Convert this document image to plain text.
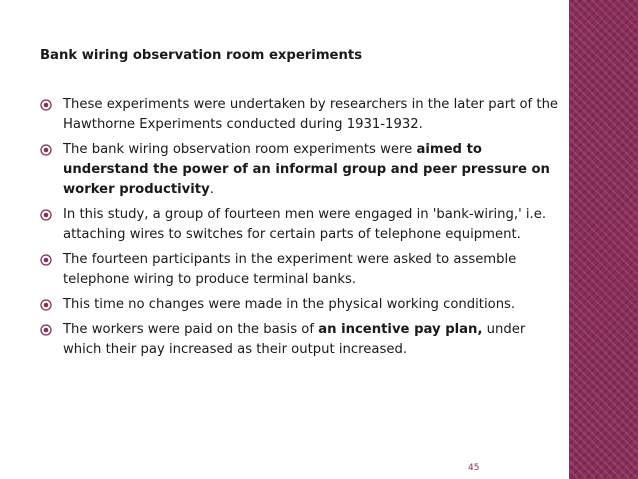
Bank wiring observation room experiments
These experiments were undertaken by researchers in the later part of the Hawthorne Experiments conducted during 1931-1932.
The bank wiring observation room experiments were aimed to understand the power of an informal group and peer pressure on worker productivity.
In this study, a group of fourteen men were engaged in 'bank-wiring,' i.e. attaching wires to switches for certain parts of telephone equipment.
The fourteen participants in the experiment were asked to assemble telephone wiring to produce terminal banks.
This time no changes were made in the physical working conditions.
The workers were paid on the basis of an incentive pay plan, under which their pay increased as their output increased.
45
